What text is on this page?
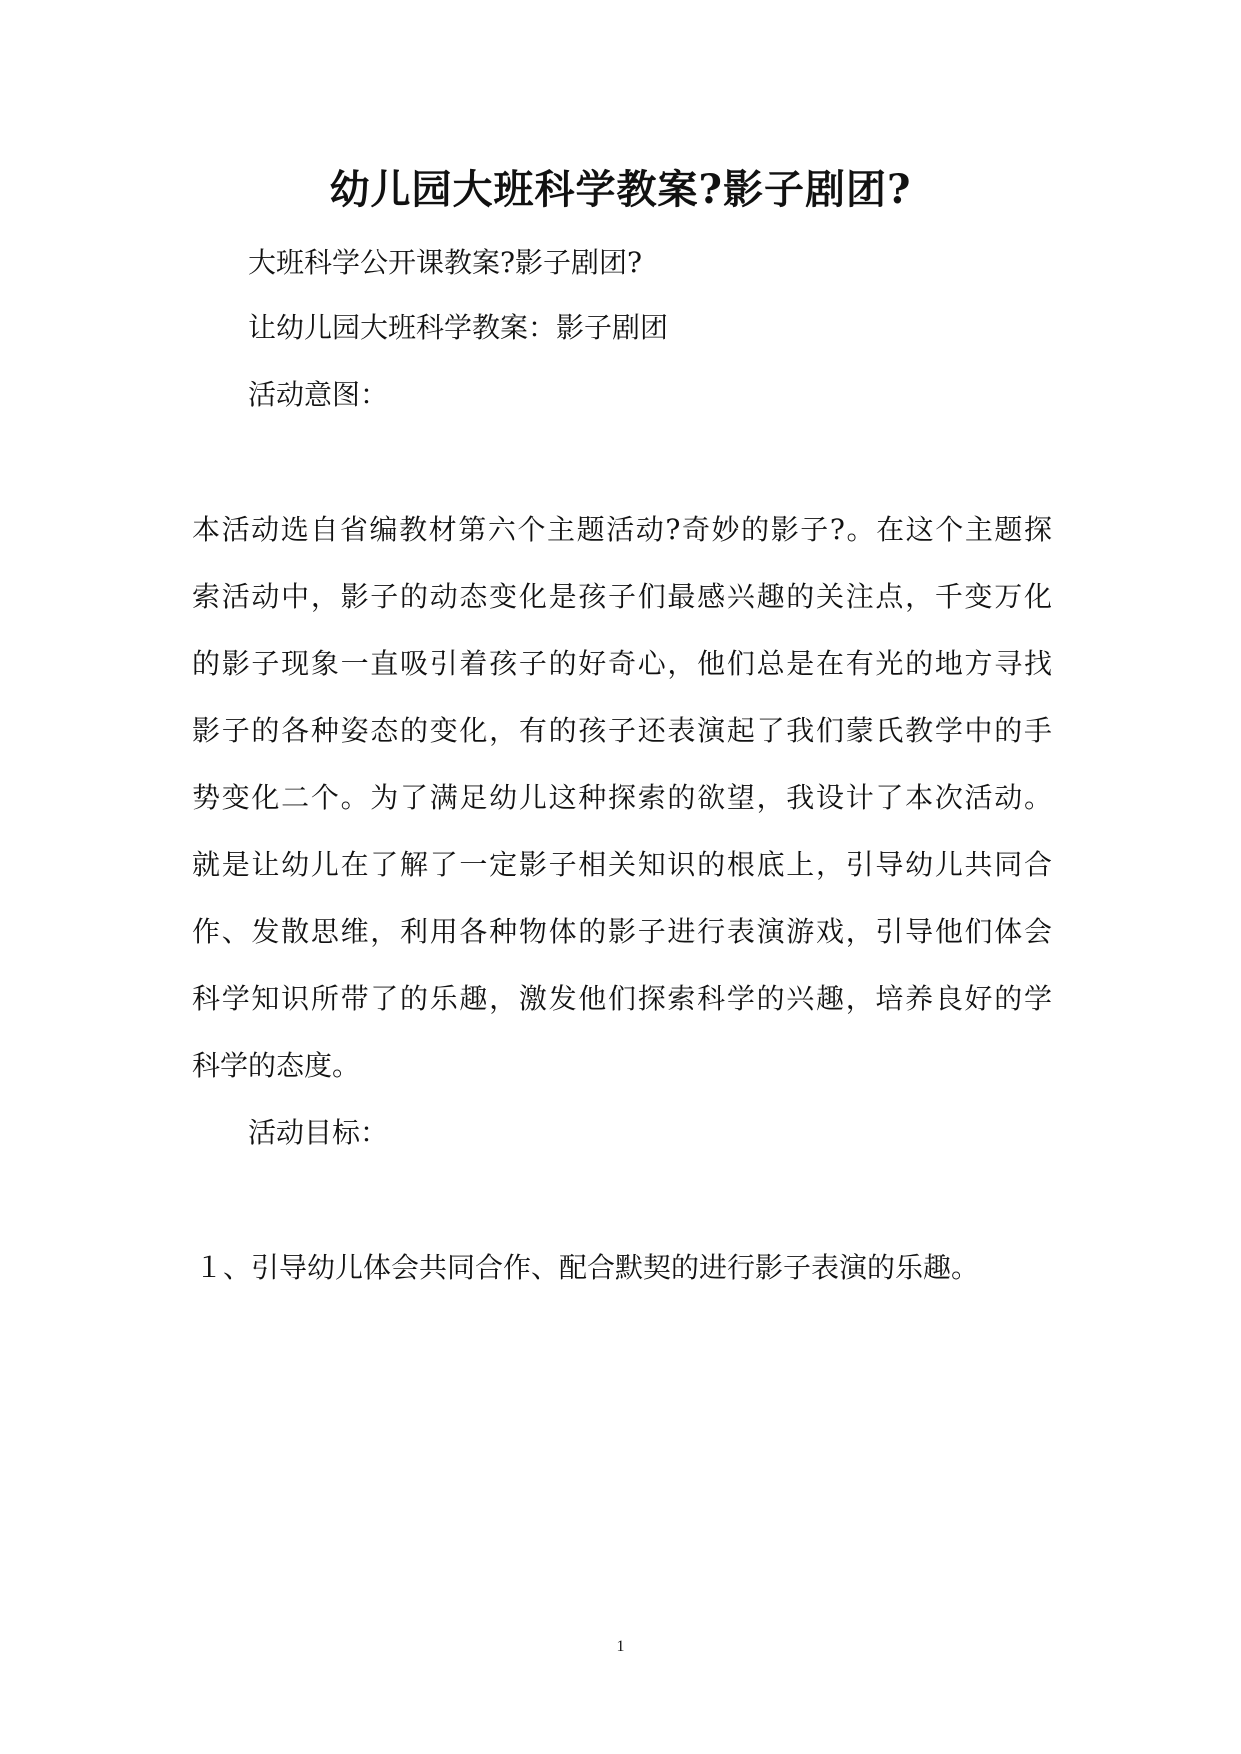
幼儿园大班科学教案?影子剧团?
大班科学公开课教案?影子剧团?
让幼儿园大班科学教案：影子剧团
活动意图：
本活动选自省编教材第六个主题活动?奇妙的影子?。在这个主题探
索活动中，影子的动态变化是孩子们最感兴趣的关注点，千变万化
的影子现象一直吸引着孩子的好奇心，他们总是在有光的地方寻找
影子的各种姿态的变化，有的孩子还表演起了我们蒙氏教学中的手
势变化二个。为了满足幼儿这种探索的欲望，我设计了本次活动。
就是让幼儿在了解了一定影子相关知识的根底上，引导幼儿共同合
作、发散思维，利用各种物体的影子进行表演游戏，引导他们体会
科学知识所带了的乐趣，激发他们探索科学的兴趣，培养良好的学
科学的态度。
活动目标：
１、引导幼儿体会共同合作、配合默契的进行影子表演的乐趣。
1
